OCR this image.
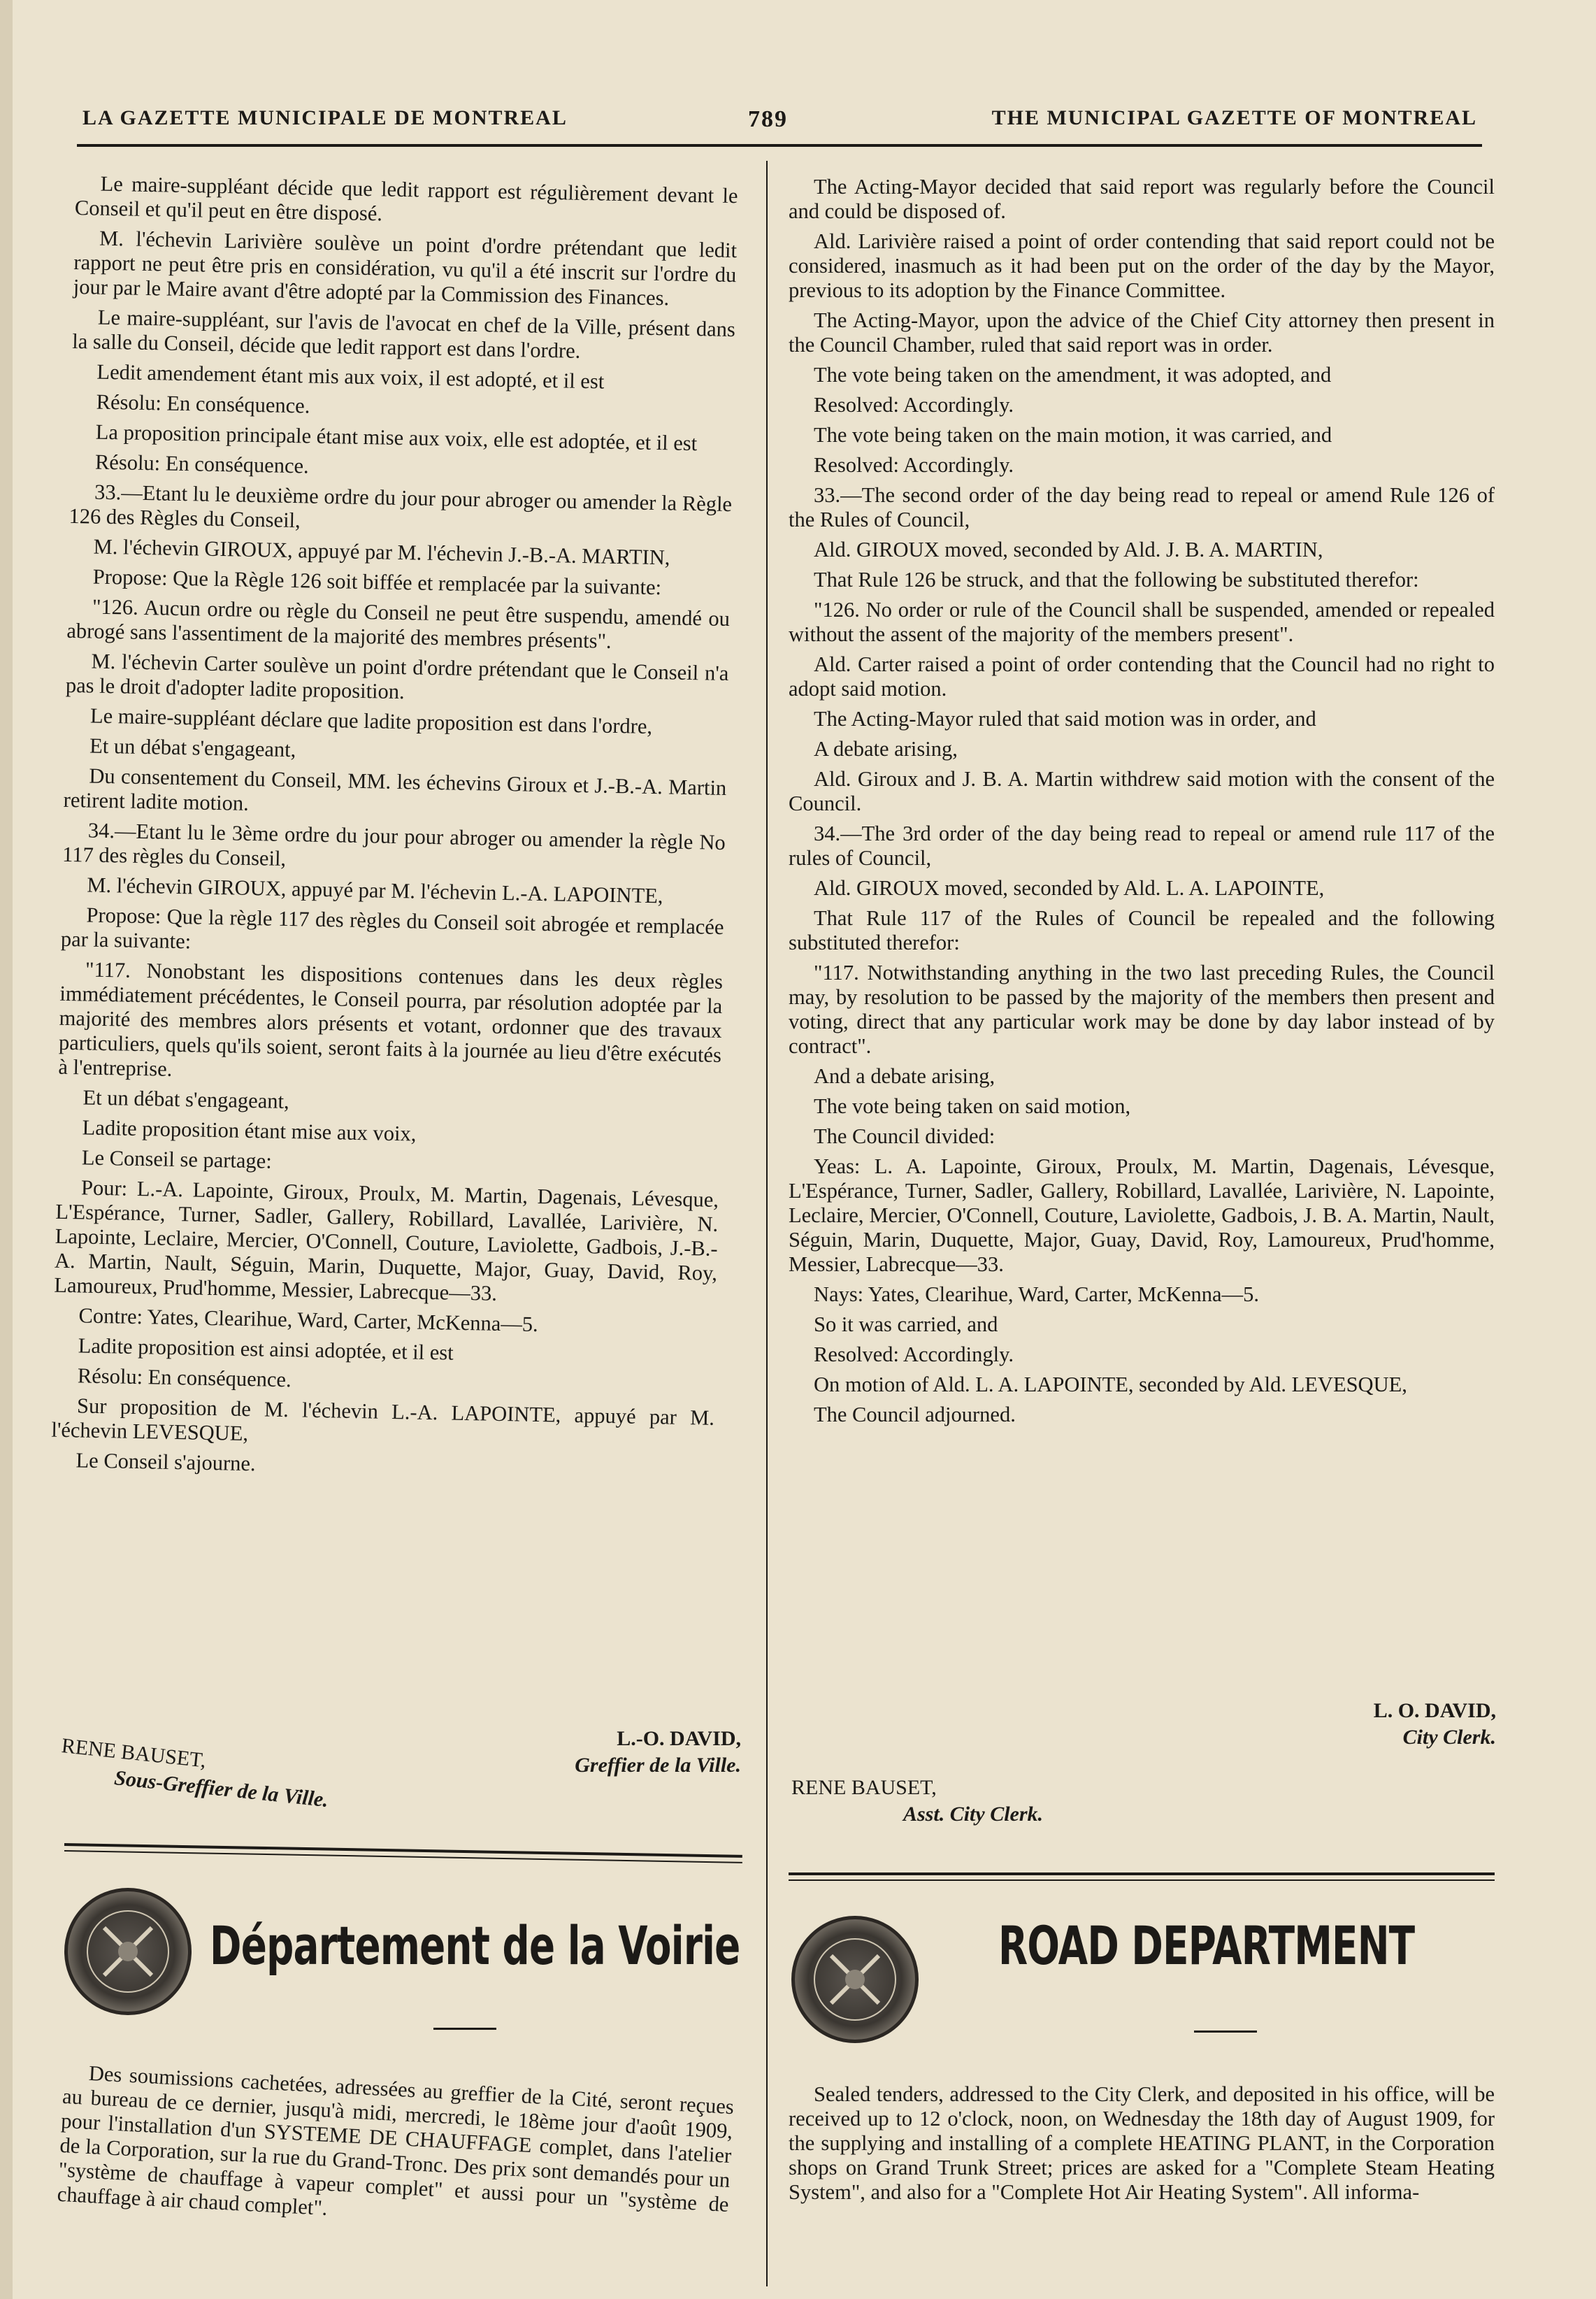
LA GAZETTE MUNICIPALE DE MONTREAL	789	THE MUNICIPAL GAZETTE OF MONTREAL

Le maire-suppléant décide que ledit rapport est régulièrement devant le Conseil et qu'il peut en être disposé.

M. l'échevin Larivière soulève un point d'ordre prétendant que ledit rapport ne peut être pris en considération, vu qu'il a été inscrit sur l'ordre du jour par le Maire avant d'être adopté par la Commission des Finances.

Le maire-suppléant, sur l'avis de l'avocat en chef de la Ville, présent dans la salle du Conseil, décide que ledit rapport est dans l'ordre.

Ledit amendement étant mis aux voix, il est adopté, et il est

Résolu: En conséquence.

La proposition principale étant mise aux voix, elle est adoptée, et il est

Résolu: En conséquence.

33.—Etant lu le deuxième ordre du jour pour abroger ou amender la Règle 126 des Règles du Conseil,

M. l'échevin GIROUX, appuyé par M. l'échevin J.-B.-A. MARTIN,

Propose: Que la Règle 126 soit biffée et remplacée par la suivante:

"126. Aucun ordre ou règle du Conseil ne peut être suspendu, amendé ou abrogé sans l'assentiment de la majorité des membres présents".

M. l'échevin Carter soulève un point d'ordre prétendant que le Conseil n'a pas le droit d'adopter ladite proposition.

Le maire-suppléant déclare que ladite proposition est dans l'ordre,

Et un débat s'engageant,

Du consentement du Conseil, MM. les échevins Giroux et J.-B.-A. Martin retirent ladite motion.

34.—Etant lu le 3ème ordre du jour pour abroger ou amender la règle No 117 des règles du Conseil,

M. l'échevin GIROUX, appuyé par M. l'échevin L.-A. LAPOINTE,

Propose: Que la règle 117 des règles du Conseil soit abrogée et remplacée par la suivante:

"117. Nonobstant les dispositions contenues dans les deux règles immédiatement précédentes, le Conseil pourra, par résolution adoptée par la majorité des membres alors présents et votant, ordonner que des travaux particuliers, quels qu'ils soient, seront faits à la journée au lieu d'être exécutés à l'entreprise.

Et un débat s'engageant,

Ladite proposition étant mise aux voix,

Le Conseil se partage:

Pour: L.-A. Lapointe, Giroux, Proulx, M. Martin, Dagenais, Lévesque, L'Espérance, Turner, Sadler, Gallery, Robillard, Lavallée, Larivière, N. Lapointe, Leclaire, Mercier, O'Connell, Couture, Laviolette, Gadbois, J.-B.-A. Martin, Nault, Séguin, Marin, Duquette, Major, Guay, David, Roy, Lamoureux, Prud'homme, Messier, Labrecque—33.

Contre: Yates, Clearihue, Ward, Carter, McKenna—5.

Ladite proposition est ainsi adoptée, et il est

Résolu: En conséquence.

Sur proposition de M. l'échevin L.-A. LAPOINTE, appuyé par M. l'échevin LEVESQUE,

Le Conseil s'ajourne.

The Acting-Mayor decided that said report was regularly before the Council and could be disposed of.

Ald. Larivière raised a point of order contending that said report could not be considered, inasmuch as it had been put on the order of the day by the Mayor, previous to its adoption by the Finance Committee.

The Acting-Mayor, upon the advice of the Chief City attorney then present in the Council Chamber, ruled that said report was in order.

The vote being taken on the amendment, it was adopted, and

Resolved: Accordingly.

The vote being taken on the main motion, it was carried, and

Resolved: Accordingly.

33.—The second order of the day being read to repeal or amend Rule 126 of the Rules of Council,

Ald. GIROUX moved, seconded by Ald. J. B. A. MARTIN,

That Rule 126 be struck, and that the following be substituted therefor:

"126. No order or rule of the Council shall be suspended, amended or repealed without the assent of the majority of the members present".

Ald. Carter raised a point of order contending that the Council had no right to adopt said motion.

The Acting-Mayor ruled that said motion was in order, and

A debate arising,

Ald. Giroux and J. B. A. Martin withdrew said motion with the consent of the Council.

34.—The 3rd order of the day being read to repeal or amend rule 117 of the rules of Council,

Ald. GIROUX moved, seconded by Ald. L. A. LAPOINTE,

That Rule 117 of the Rules of Council be repealed and the following substituted therefor:

"117. Notwithstanding anything in the two last preceding Rules, the Council may, by resolution to be passed by the majority of the members then present and voting, direct that any particular work may be done by day labor instead of by contract".

And a debate arising,

The vote being taken on said motion,

The Council divided:

Yeas: L. A. Lapointe, Giroux, Proulx, M. Martin, Dagenais, Lévesque, L'Espérance, Turner, Sadler, Gallery, Robillard, Lavallée, Larivière, N. Lapointe, Leclaire, Mercier, O'Connell, Couture, Laviolette, Gadbois, J. B. A. Martin, Nault, Séguin, Marin, Duquette, Major, Guay, David, Roy, Lamoureux, Prud'homme, Messier, Labrecque—33.

Nays: Yates, Clearihue, Ward, Carter, McKenna—5.

So it was carried, and

Resolved: Accordingly.

On motion of Ald. L. A. LAPOINTE, seconded by Ald. LEVESQUE,

The Council adjourned.

L.-O. DAVID,
Greffier de la Ville.
RENE BAUSET,
Sous-Greffier de la Ville.
L. O. DAVID,
City Clerk.
RENE BAUSET,
Asst. City Clerk.
Département de la Voirie	ROAD DEPARTMENT

Des soumissions cachetées, adressées au greffier de la Cité, seront reçues au bureau de ce dernier, jusqu'à midi, mercredi, le 18ème jour d'août 1909, pour l'installation d'un SYSTEME DE CHAUFFAGE complet, dans l'atelier de la Corporation, sur la rue du Grand-Tronc. Des prix sont demandés pour un "système de chauffage à vapeur complet" et aussi pour un "système de chauffage à air chaud complet".

Sealed tenders, addressed to the City Clerk, and deposited in his office, will be received up to 12 o'clock, noon, on Wednesday the 18th day of August 1909, for the supplying and installing of a complete HEATING PLANT, in the Corporation shops on Grand Trunk Street; prices are asked for a "Complete Steam Heating System", and also for a "Complete Hot Air Heating System". All informa-
